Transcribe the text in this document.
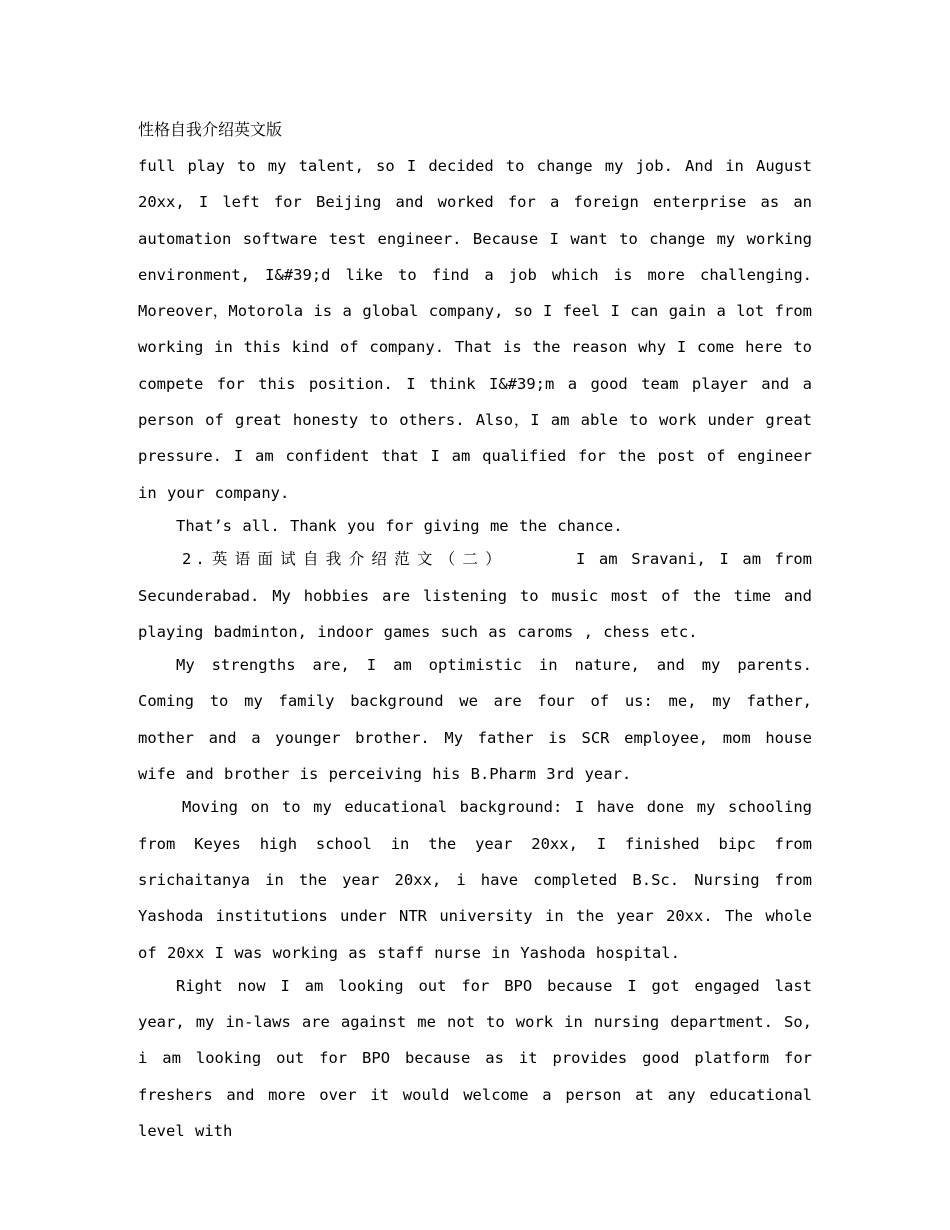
性格自我介绍英文版

full play to my talent, so I decided to change my job. And in August 20xx, I left for Beijing and worked for a foreign enterprise as an automation software test engineer. Because I want to change my working environment, I&#39;d like to find a job which is more challenging. Moreover，Motorola is a global company, so I feel I can gain a lot from working in this kind of company. That is the reason why I come here to compete for this position. I think I&#39;m a good team player and a person of great honesty to others. Also，I am able to work under great pressure. I am confident that I am qualified for the post of engineer in your company.

That’s all. Thank you for giving me the chance.

2.英语面试自我介绍范文（二）	I am Sravani, I am from Secunderabad. My hobbies are listening to music most of the time and playing badminton, indoor games such as caroms , chess etc.

My strengths are, I am optimistic in nature, and my parents. Coming to my family background we are four of us: me, my father, mother and a younger brother. My father is SCR employee, mom house wife and brother is perceiving his B.Pharm 3rd year.

Moving on to my educational background: I have done my schooling from Keyes high school in the year 20xx, I finished bipc from srichaitanya in the year 20xx, i have completed B.Sc. Nursing from Yashoda institutions under NTR university in the year 20xx. The whole of 20xx I was working as staff nurse in Yashoda hospital.

Right now I am looking out for BPO because I got engaged last year, my in-laws are against me not to work in nursing department. So, i am looking out for BPO because as it provides good platform for freshers and more over it would welcome a person at any educational level with
